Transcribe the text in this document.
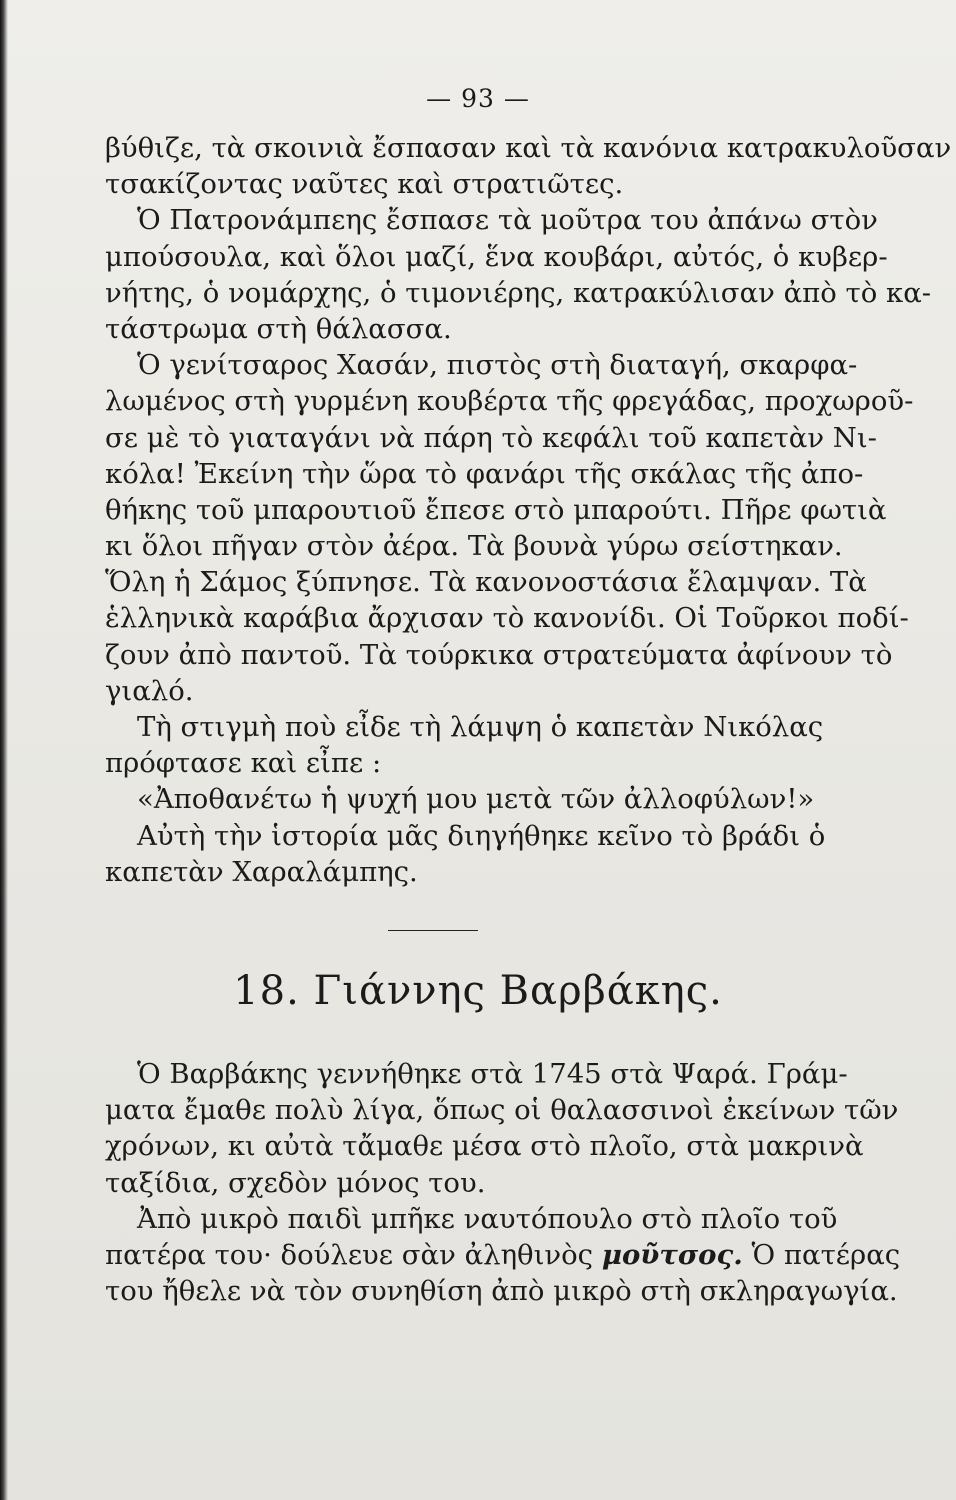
— 93 —
βύθιζε, τὰ σκοινιὰ ἔσπασαν καὶ τὰ κανόνια κατρακυλοῦσαν
τσακίζοντας ναῦτες καὶ στρατιῶτες.
Ὁ Πατρονάμπεης ἔσπασε τὰ μοῦτρα του ἀπάνω στὸν
μπούσουλα, καὶ ὅλοι μαζί, ἕνα κουβάρι, αὐτός, ὁ κυβερ-
νήτης, ὁ νομάρχης, ὁ τιμονιέρης, κατρακύλισαν ἀπὸ τὸ κα-
τάστρωμα στὴ θάλασσα.
Ὁ γενίτσαρος Χασάν, πιστὸς στὴ διαταγή, σκαρφα-
λωμένος στὴ γυρμένη κουβέρτα τῆς φρεγάδας, προχωροῦ-
σε μὲ τὸ γιαταγάνι νὰ πάρη τὸ κεφάλι τοῦ καπετὰν Νι-
κόλα! Ἐκείνη τὴν ὥρα τὸ φανάρι τῆς σκάλας τῆς ἀπο-
θήκης τοῦ μπαρουτιοῦ ἔπεσε στὸ μπαρούτι. Πῆρε φωτιὰ
κι ὅλοι πῆγαν στὸν ἀέρα. Τὰ βουνὰ γύρω σείστηκαν.
Ὅλη ἡ Σάμος ξύπνησε. Τὰ κανονοστάσια ἔλαμψαν. Τὰ
ἑλληνικὰ καράβια ἄρχισαν τὸ κανονίδι. Οἱ Τοῦρκοι ποδί-
ζουν ἀπὸ παντοῦ. Τὰ τούρκικα στρατεύματα ἀφίνουν τὸ
γιαλό.
Τὴ στιγμὴ ποὺ εἶδε τὴ λάμψη ὁ καπετὰν Νικόλας
πρόφτασε καὶ εἶπε :
«Ἀποθανέτω ἡ ψυχή μου μετὰ τῶν ἀλλοφύλων!»
Αὐτὴ τὴν ἱστορία μᾶς διηγήθηκε κεῖνο τὸ βράδι ὁ
καπετὰν Χαραλάμπης.
18. Γιάννης Βαρβάκης.
Ὁ Βαρβάκης γεννήθηκε στὰ 1745 στὰ Ψαρά. Γράμ-
ματα ἔμαθε πολὺ λίγα, ὅπως οἱ θαλασσινοὶ ἐκείνων τῶν
χρόνων, κι αὐτὰ τἄμαθε μέσα στὸ πλοῖο, στὰ μακρινὰ
ταξίδια, σχεδὸν μόνος του.
Ἀπὸ μικρὸ παιδὶ μπῆκε ναυτόπουλο στὸ πλοῖο τοῦ
πατέρα του· δούλευε σὰν ἀληθινὸς μοῦτσος. Ὁ πατέρας
του ἤθελε νὰ τὸν συνηθίση ἀπὸ μικρὸ στὴ σκληραγωγία.
